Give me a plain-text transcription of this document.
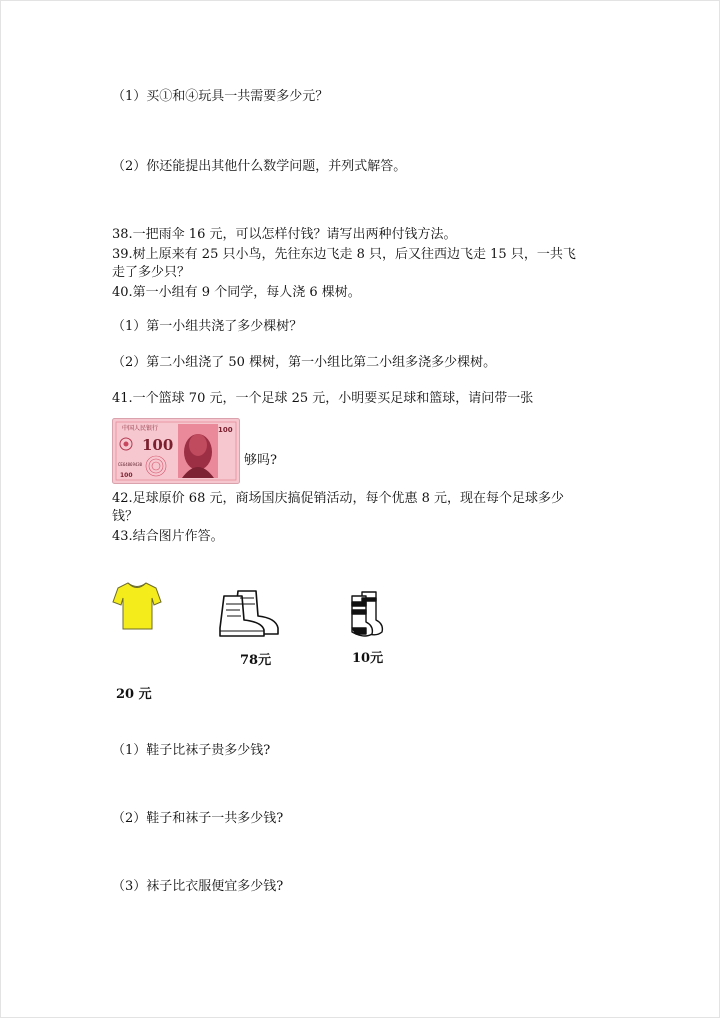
（1）买①和④玩具一共需要多少元？
（2）你还能提出其他什么数学问题，并列式解答。
38.一把雨伞 16 元，可以怎样付钱？请写出两种付钱方法。
39.树上原来有 25 只小鸟，先往东边飞走 8 只，后又往西边飞走 15 只，一共飞
走了多少只？
40.第一小组有 9 个同学，每人浇 6 棵树。
（1）第一小组共浇了多少棵树？
（2）第二小组浇了 50 棵树，第一小组比第二小组多浇多少棵树。
41.一个篮球 70 元，一个足球 25 元，小明要买足球和篮球，请问带一张
中国人民银行
100
100
CE64869430
100
够吗?
42.足球原价 68 元，商场国庆搞促销活动，每个优惠 8 元，现在每个足球多少
钱？
43.结合图片作答。
78元	10元
20 元
（1）鞋子比袜子贵多少钱?
（2）鞋子和袜子一共多少钱?
（3）袜子比衣服便宜多少钱?
